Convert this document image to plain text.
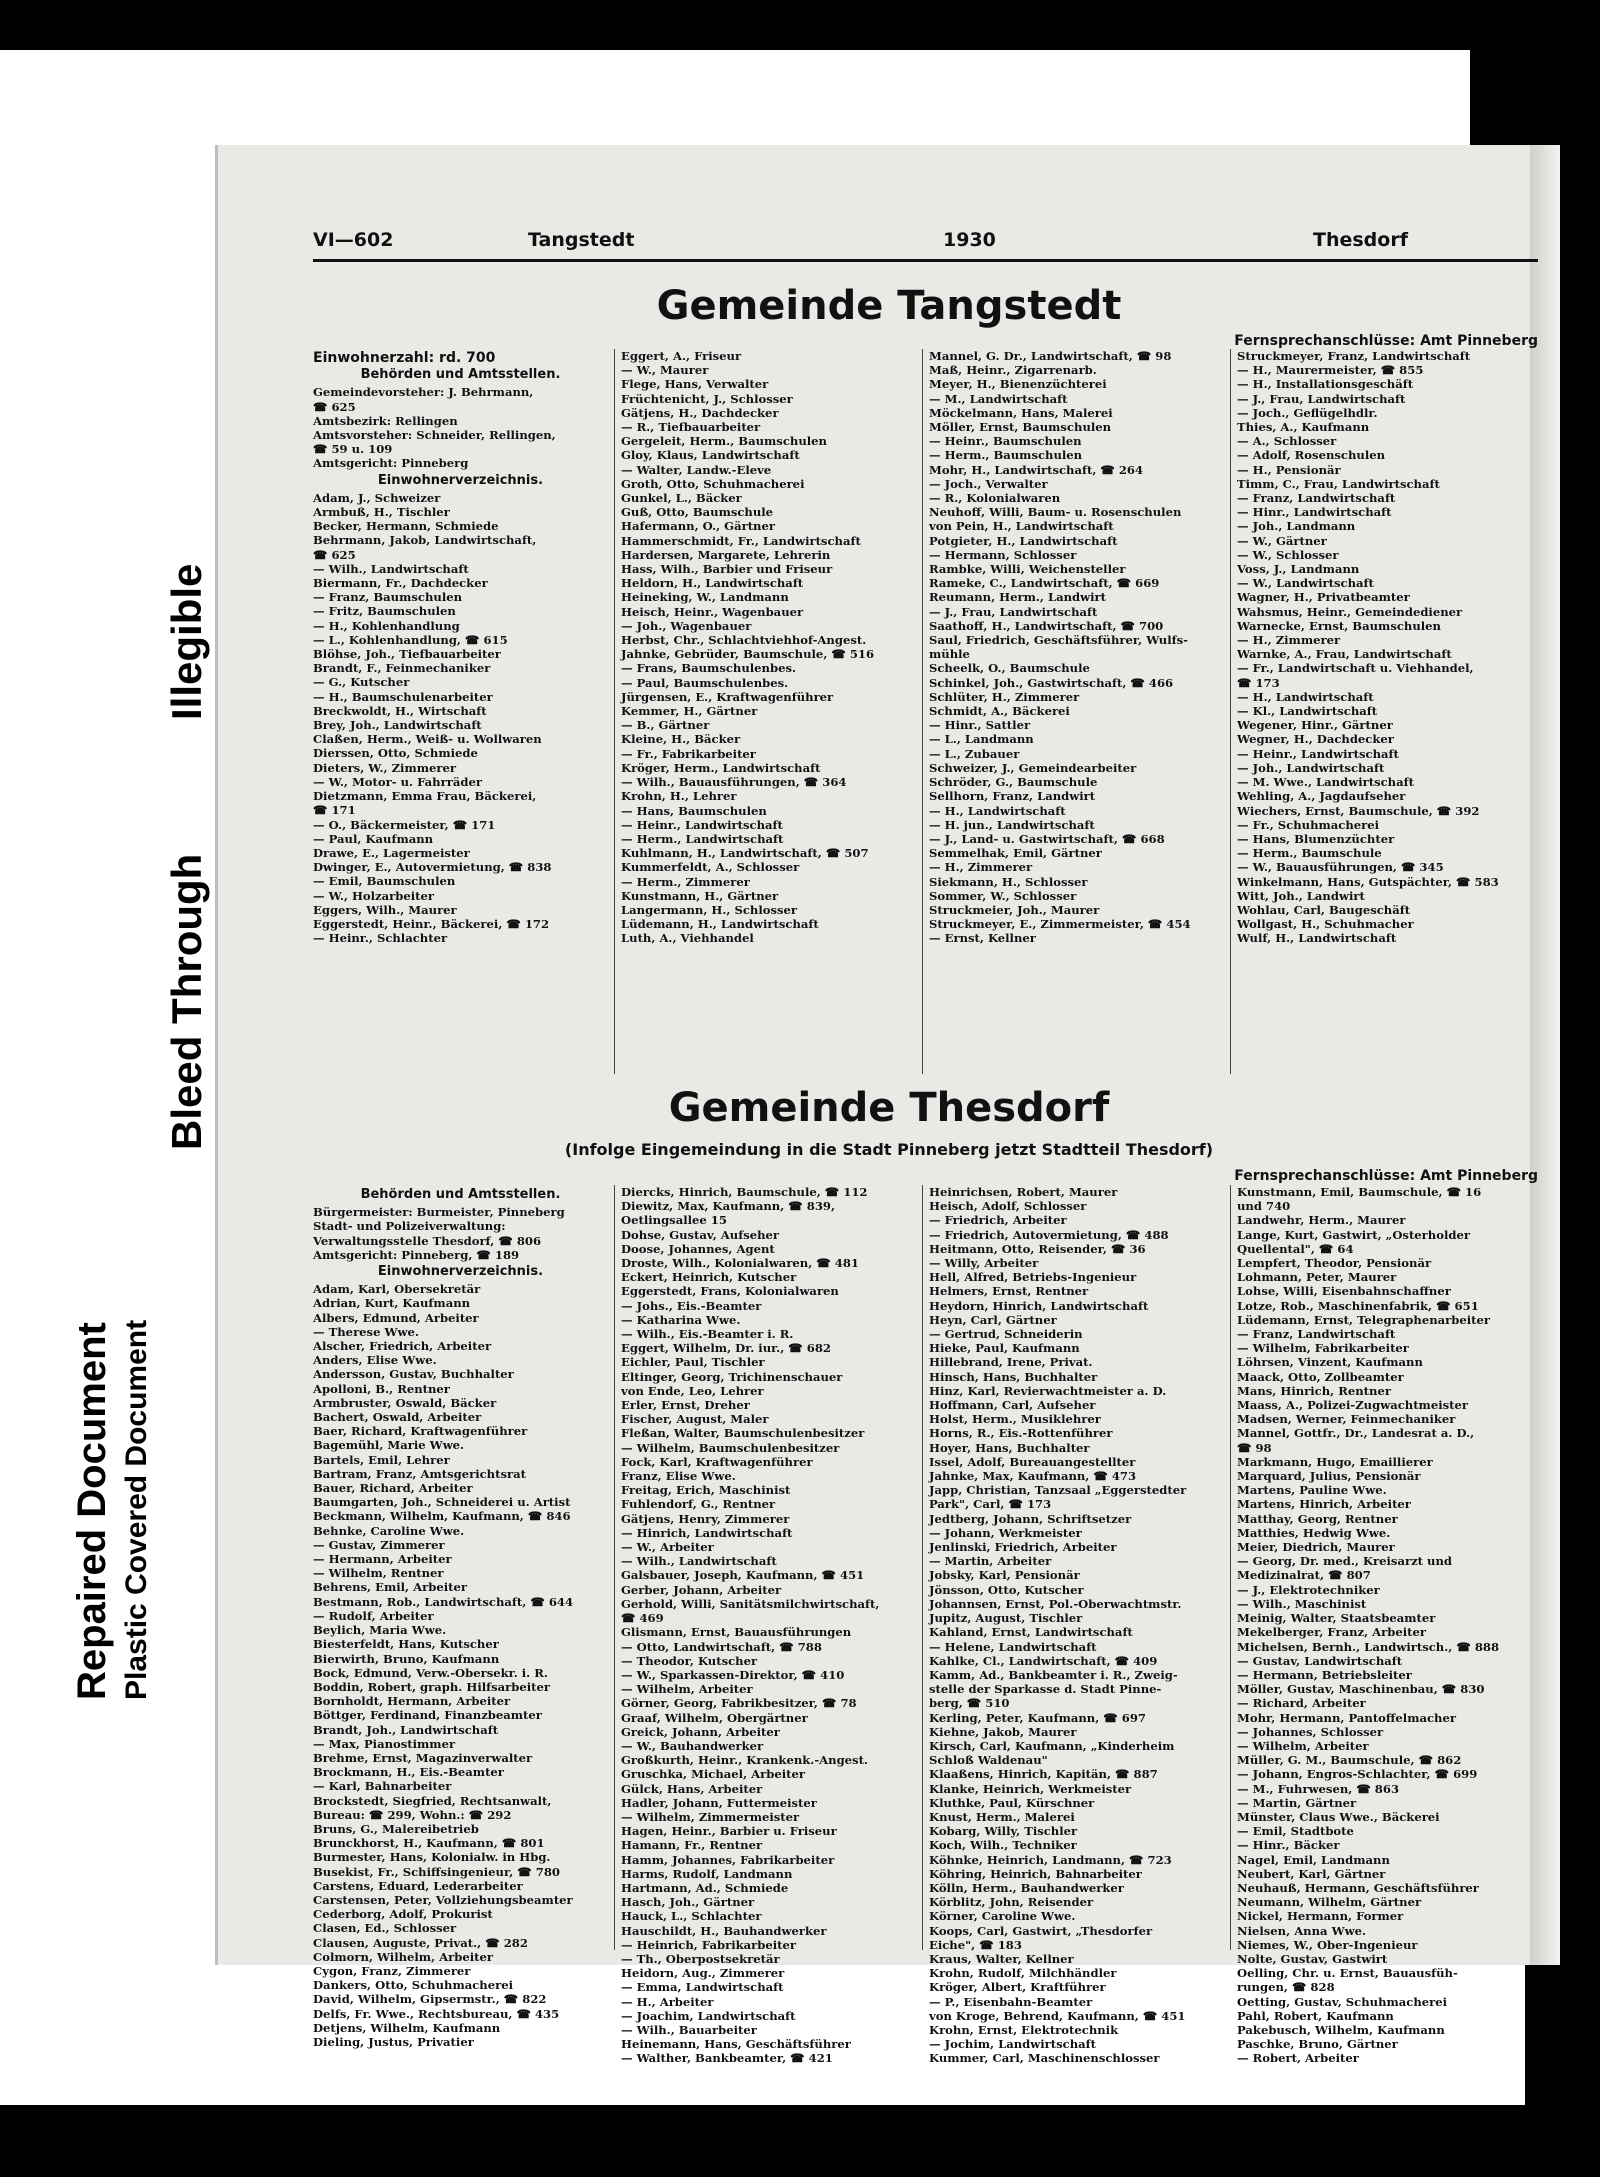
Repaired Document Plastic Covered Document
Bleed Through
Illegible
VI—602	Tangstedt	1930	Thesdorf
Gemeinde Tangstedt
Fernsprechanschlüsse: Amt Pinneberg
Einwohnerzahl: rd. 700
Behörden und Amtsstellen.
Gemeindevorsteher: J. Behrmann,
☎ 625
Amtsbezirk: Rellingen
Amtsvorsteher: Schneider, Rellingen,
☎ 59 u. 109
Amtsgericht: Pinneberg
Einwohnerverzeichnis.
Adam, J., Schweizer
Armbuß, H., Tischler
Becker, Hermann, Schmiede
Behrmann, Jakob, Landwirtschaft,
☎ 625
— Wilh., Landwirtschaft
Biermann, Fr., Dachdecker
— Franz, Baumschulen
— Fritz, Baumschulen
— H., Kohlenhandlung
— L., Kohlenhandlung, ☎ 615
Blöhse, Joh., Tiefbauarbeiter
Brandt, F., Feinmechaniker
— G., Kutscher
— H., Baumschulenarbeiter
Breckwoldt, H., Wirtschaft
Brey, Joh., Landwirtschaft
Claßen, Herm., Weiß- u. Wollwaren
Dierssen, Otto, Schmiede
Dieters, W., Zimmerer
— W., Motor- u. Fahrräder
Dietzmann, Emma Frau, Bäckerei,
☎ 171
— O., Bäckermeister, ☎ 171
— Paul, Kaufmann
Drawe, E., Lagermeister
Dwinger, E., Autovermietung, ☎ 838
— Emil, Baumschulen
— W., Holzarbeiter
Eggers, Wilh., Maurer
Eggerstedt, Heinr., Bäckerei, ☎ 172
— Heinr., Schlachter
Eggert, A., Friseur
— W., Maurer
Flege, Hans, Verwalter
Früchtenicht, J., Schlosser
Gätjens, H., Dachdecker
— R., Tiefbauarbeiter
Gergeleit, Herm., Baumschulen
Gloy, Klaus, Landwirtschaft
— Walter, Landw.-Eleve
Groth, Otto, Schuhmacherei
Gunkel, L., Bäcker
Guß, Otto, Baumschule
Hafermann, O., Gärtner
Hammerschmidt, Fr., Landwirtschaft
Hardersen, Margarete, Lehrerin
Hass, Wilh., Barbier und Friseur
Heldorn, H., Landwirtschaft
Heineking, W., Landmann
Heisch, Heinr., Wagenbauer
— Joh., Wagenbauer
Herbst, Chr., Schlachtviehhof-Angest.
Jahnke, Gebrüder, Baumschule, ☎ 516
— Frans, Baumschulenbes.
— Paul, Baumschulenbes.
Jürgensen, E., Kraftwagenführer
Kemmer, H., Gärtner
— B., Gärtner
Kleine, H., Bäcker
— Fr., Fabrikarbeiter
Kröger, Herm., Landwirtschaft
— Wilh., Bauausführungen, ☎ 364
Krohn, H., Lehrer
— Hans, Baumschulen
— Heinr., Landwirtschaft
— Herm., Landwirtschaft
Kuhlmann, H., Landwirtschaft, ☎ 507
Kummerfeldt, A., Schlosser
— Herm., Zimmerer
Kunstmann, H., Gärtner
Langermann, H., Schlosser
Lüdemann, H., Landwirtschaft
Luth, A., Viehhandel
Mannel, G. Dr., Landwirtschaft, ☎ 98
Maß, Heinr., Zigarrenarb.
Meyer, H., Bienenzüchterei
— M., Landwirtschaft
Möckelmann, Hans, Malerei
Möller, Ernst, Baumschulen
— Heinr., Baumschulen
— Herm., Baumschulen
Mohr, H., Landwirtschaft, ☎ 264
— Joch., Verwalter
— R., Kolonialwaren
Neuhoff, Willi, Baum- u. Rosenschulen
von Pein, H., Landwirtschaft
Potgieter, H., Landwirtschaft
— Hermann, Schlosser
Rambke, Willi, Weichensteller
Rameke, C., Landwirtschaft, ☎ 669
Reumann, Herm., Landwirt
— J., Frau, Landwirtschaft
Saathoff, H., Landwirtschaft, ☎ 700
Saul, Friedrich, Geschäftsführer, Wulfs-
mühle
Scheelk, O., Baumschule
Schinkel, Joh., Gastwirtschaft, ☎ 466
Schlüter, H., Zimmerer
Schmidt, A., Bäckerei
— Hinr., Sattler
— L., Landmann
— L., Zubauer
Schweizer, J., Gemeindearbeiter
Schröder, G., Baumschule
Sellhorn, Franz, Landwirt
— H., Landwirtschaft
— H. jun., Landwirtschaft
— J., Land- u. Gastwirtschaft, ☎ 668
Semmelhak, Emil, Gärtner
— H., Zimmerer
Siekmann, H., Schlosser
Sommer, W., Schlosser
Struckmeier, Joh., Maurer
Struckmeyer, E., Zimmermeister, ☎ 454
— Ernst, Kellner
Struckmeyer, Franz, Landwirtschaft
— H., Maurermeister, ☎ 855
— H., Installationsgeschäft
— J., Frau, Landwirtschaft
— Joch., Geflügelhdlr.
Thies, A., Kaufmann
— A., Schlosser
— Adolf, Rosenschulen
— H., Pensionär
Timm, C., Frau, Landwirtschaft
— Franz, Landwirtschaft
— Hinr., Landwirtschaft
— Joh., Landmann
— W., Gärtner
— W., Schlosser
Voss, J., Landmann
— W., Landwirtschaft
Wagner, H., Privatbeamter
Wahsmus, Heinr., Gemeindediener
Warnecke, Ernst, Baumschulen
— H., Zimmerer
Warnke, A., Frau, Landwirtschaft
— Fr., Landwirtschaft u. Viehhandel,
☎ 173
— H., Landwirtschaft
— Kl., Landwirtschaft
Wegener, Hinr., Gärtner
Wegner, H., Dachdecker
— Heinr., Landwirtschaft
— Joh., Landwirtschaft
— M. Wwe., Landwirtschaft
Wehling, A., Jagdaufseher
Wiechers, Ernst, Baumschule, ☎ 392
— Fr., Schuhmacherei
— Hans, Blumenzüchter
— Herm., Baumschule
— W., Bauausführungen, ☎ 345
Winkelmann, Hans, Gutspächter, ☎ 583
Witt, Joh., Landwirt
Wohlau, Carl, Baugeschäft
Wollgast, H., Schuhmacher
Wulf, H., Landwirtschaft
Gemeinde Thesdorf
(Infolge Eingemeindung in die Stadt Pinneberg jetzt Stadtteil Thesdorf)
Fernsprechanschlüsse: Amt Pinneberg
Behörden und Amtsstellen.
Bürgermeister: Burmeister, Pinneberg
Stadt- und Polizeiverwaltung:
Verwaltungsstelle Thesdorf, ☎ 806
Amtsgericht: Pinneberg, ☎ 189
Einwohnerverzeichnis.
Adam, Karl, Obersekretär
Adrian, Kurt, Kaufmann
Albers, Edmund, Arbeiter
— Therese Wwe.
Alscher, Friedrich, Arbeiter
Anders, Elise Wwe.
Andersson, Gustav, Buchhalter
Apolloni, B., Rentner
Armbruster, Oswald, Bäcker
Bachert, Oswald, Arbeiter
Baer, Richard, Kraftwagenführer
Bagemühl, Marie Wwe.
Bartels, Emil, Lehrer
Bartram, Franz, Amtsgerichtsrat
Bauer, Richard, Arbeiter
Baumgarten, Joh., Schneiderei u. Artist
Beckmann, Wilhelm, Kaufmann, ☎ 846
Behnke, Caroline Wwe.
— Gustav, Zimmerer
— Hermann, Arbeiter
— Wilhelm, Rentner
Behrens, Emil, Arbeiter
Bestmann, Rob., Landwirtschaft, ☎ 644
— Rudolf, Arbeiter
Beylich, Maria Wwe.
Biesterfeldt, Hans, Kutscher
Bierwirth, Bruno, Kaufmann
Bock, Edmund, Verw.-Obersekr. i. R.
Boddin, Robert, graph. Hilfsarbeiter
Bornholdt, Hermann, Arbeiter
Böttger, Ferdinand, Finanzbeamter
Brandt, Joh., Landwirtschaft
— Max, Pianostimmer
Brehme, Ernst, Magazinverwalter
Brockmann, H., Eis.-Beamter
— Karl, Bahnarbeiter
Brockstedt, Siegfried, Rechtsanwalt,
Bureau: ☎ 299, Wohn.: ☎ 292
Bruns, G., Malereibetrieb
Brunckhorst, H., Kaufmann, ☎ 801
Burmester, Hans, Kolonialw. in Hbg.
Busekist, Fr., Schiffsingenieur, ☎ 780
Carstens, Eduard, Lederarbeiter
Carstensen, Peter, Vollziehungsbeamter
Cederborg, Adolf, Prokurist
Clasen, Ed., Schlosser
Clausen, Auguste, Privat., ☎ 282
Colmorn, Wilhelm, Arbeiter
Cygon, Franz, Zimmerer
Dankers, Otto, Schuhmacherei
David, Wilhelm, Gipsermstr., ☎ 822
Delfs, Fr. Wwe., Rechtsbureau, ☎ 435
Detjens, Wilhelm, Kaufmann
Dieling, Justus, Privatier
Diercks, Hinrich, Baumschule, ☎ 112
Diewitz, Max, Kaufmann, ☎ 839,
Oetlingsallee 15
Dohse, Gustav, Aufseher
Doose, Johannes, Agent
Droste, Wilh., Kolonialwaren, ☎ 481
Eckert, Heinrich, Kutscher
Eggerstedt, Frans, Kolonialwaren
— Johs., Eis.-Beamter
— Katharina Wwe.
— Wilh., Eis.-Beamter i. R.
Eggert, Wilhelm, Dr. iur., ☎ 682
Eichler, Paul, Tischler
Eltinger, Georg, Trichinenschauer
von Ende, Leo, Lehrer
Erler, Ernst, Dreher
Fischer, August, Maler
Fleßan, Walter, Baumschulenbesitzer
— Wilhelm, Baumschulenbesitzer
Fock, Karl, Kraftwagenführer
Franz, Elise Wwe.
Freitag, Erich, Maschinist
Fuhlendorf, G., Rentner
Gätjens, Henry, Zimmerer
— Hinrich, Landwirtschaft
— W., Arbeiter
— Wilh., Landwirtschaft
Galsbauer, Joseph, Kaufmann, ☎ 451
Gerber, Johann, Arbeiter
Gerhold, Willi, Sanitätsmilchwirtschaft,
☎ 469
Glismann, Ernst, Bauausführungen
— Otto, Landwirtschaft, ☎ 788
— Theodor, Kutscher
— W., Sparkassen-Direktor, ☎ 410
— Wilhelm, Arbeiter
Görner, Georg, Fabrikbesitzer, ☎ 78
Graaf, Wilhelm, Obergärtner
Greick, Johann, Arbeiter
— W., Bauhandwerker
Großkurth, Heinr., Krankenk.-Angest.
Gruschka, Michael, Arbeiter
Gülck, Hans, Arbeiter
Hadler, Johann, Futtermeister
— Wilhelm, Zimmermeister
Hagen, Heinr., Barbier u. Friseur
Hamann, Fr., Rentner
Hamm, Johannes, Fabrikarbeiter
Harms, Rudolf, Landmann
Hartmann, Ad., Schmiede
Hasch, Joh., Gärtner
Hauck, L., Schlachter
Hauschildt, H., Bauhandwerker
— Heinrich, Fabrikarbeiter
— Th., Oberpostsekretär
Heidorn, Aug., Zimmerer
— Emma, Landwirtschaft
— H., Arbeiter
— Joachim, Landwirtschaft
— Wilh., Bauarbeiter
Heinemann, Hans, Geschäftsführer
— Walther, Bankbeamter, ☎ 421
Heinrichsen, Robert, Maurer
Heisch, Adolf, Schlosser
— Friedrich, Arbeiter
— Friedrich, Autovermietung, ☎ 488
Heitmann, Otto, Reisender, ☎ 36
— Willy, Arbeiter
Hell, Alfred, Betriebs-Ingenieur
Helmers, Ernst, Rentner
Heydorn, Hinrich, Landwirtschaft
Heyn, Carl, Gärtner
— Gertrud, Schneiderin
Hieke, Paul, Kaufmann
Hillebrand, Irene, Privat.
Hinsch, Hans, Buchhalter
Hinz, Karl, Revierwachtmeister a. D.
Hoffmann, Carl, Aufseher
Holst, Herm., Musiklehrer
Horns, R., Eis.-Rottenführer
Hoyer, Hans, Buchhalter
Issel, Adolf, Bureauangestellter
Jahnke, Max, Kaufmann, ☎ 473
Japp, Christian, Tanzsaal „Eggerstedter
Park", Carl, ☎ 173
Jedtberg, Johann, Schriftsetzer
— Johann, Werkmeister
Jenlinski, Friedrich, Arbeiter
— Martin, Arbeiter
Jobsky, Karl, Pensionär
Jönsson, Otto, Kutscher
Johannsen, Ernst, Pol.-Oberwachtmstr.
Jupitz, August, Tischler
Kahland, Ernst, Landwirtschaft
— Helene, Landwirtschaft
Kahlke, Cl., Landwirtschaft, ☎ 409
Kamm, Ad., Bankbeamter i. R., Zweig-
stelle der Sparkasse d. Stadt Pinne-
berg, ☎ 510
Kerling, Peter, Kaufmann, ☎ 697
Kiehne, Jakob, Maurer
Kirsch, Carl, Kaufmann, „Kinderheim
Schloß Waldenau"
Klaaßens, Hinrich, Kapitän, ☎ 887
Klanke, Heinrich, Werkmeister
Kluthke, Paul, Kürschner
Knust, Herm., Malerei
Kobarg, Willy, Tischler
Koch, Wilh., Techniker
Köhnke, Heinrich, Landmann, ☎ 723
Köhring, Heinrich, Bahnarbeiter
Kölln, Herm., Bauhandwerker
Körblitz, John, Reisender
Körner, Caroline Wwe.
Koops, Carl, Gastwirt, „Thesdorfer
Eiche", ☎ 183
Kraus, Walter, Kellner
Krohn, Rudolf, Milchhändler
Kröger, Albert, Kraftführer
— P., Eisenbahn-Beamter
von Kroge, Behrend, Kaufmann, ☎ 451
Krohn, Ernst, Elektrotechnik
— Jochim, Landwirtschaft
Kummer, Carl, Maschinenschlosser
Kunstmann, Emil, Baumschule, ☎ 16
und 740
Landwehr, Herm., Maurer
Lange, Kurt, Gastwirt, „Osterholder
Quellental", ☎ 64
Lempfert, Theodor, Pensionär
Lohmann, Peter, Maurer
Lohse, Willi, Eisenbahnschaffner
Lotze, Rob., Maschinenfabrik, ☎ 651
Lüdemann, Ernst, Telegraphenarbeiter
— Franz, Landwirtschaft
— Wilhelm, Fabrikarbeiter
Löhrsen, Vinzent, Kaufmann
Maack, Otto, Zollbeamter
Mans, Hinrich, Rentner
Maass, A., Polizei-Zugwachtmeister
Madsen, Werner, Feinmechaniker
Mannel, Gottfr., Dr., Landesrat a. D.,
☎ 98
Markmann, Hugo, Emaillierer
Marquard, Julius, Pensionär
Martens, Pauline Wwe.
Martens, Hinrich, Arbeiter
Matthay, Georg, Rentner
Matthies, Hedwig Wwe.
Meier, Diedrich, Maurer
— Georg, Dr. med., Kreisarzt und
Medizinalrat, ☎ 807
— J., Elektrotechniker
— Wilh., Maschinist
Meinig, Walter, Staatsbeamter
Mekelberger, Franz, Arbeiter
Michelsen, Bernh., Landwirtsch., ☎ 888
— Gustav, Landwirtschaft
— Hermann, Betriebsleiter
Möller, Gustav, Maschinenbau, ☎ 830
— Richard, Arbeiter
Mohr, Hermann, Pantoffelmacher
— Johannes, Schlosser
— Wilhelm, Arbeiter
Müller, G. M., Baumschule, ☎ 862
— Johann, Engros-Schlachter, ☎ 699
— M., Fuhrwesen, ☎ 863
— Martin, Gärtner
Münster, Claus Wwe., Bäckerei
— Emil, Stadtbote
— Hinr., Bäcker
Nagel, Emil, Landmann
Neubert, Karl, Gärtner
Neuhauß, Hermann, Geschäftsführer
Neumann, Wilhelm, Gärtner
Nickel, Hermann, Former
Nielsen, Anna Wwe.
Niemes, W., Ober-Ingenieur
Nolte, Gustav, Gastwirt
Oelling, Chr. u. Ernst, Bauausfüh-
rungen, ☎ 828
Oetting, Gustav, Schuhmacherei
Pahl, Robert, Kaufmann
Pakebusch, Wilhelm, Kaufmann
Paschke, Bruno, Gärtner
— Robert, Arbeiter
